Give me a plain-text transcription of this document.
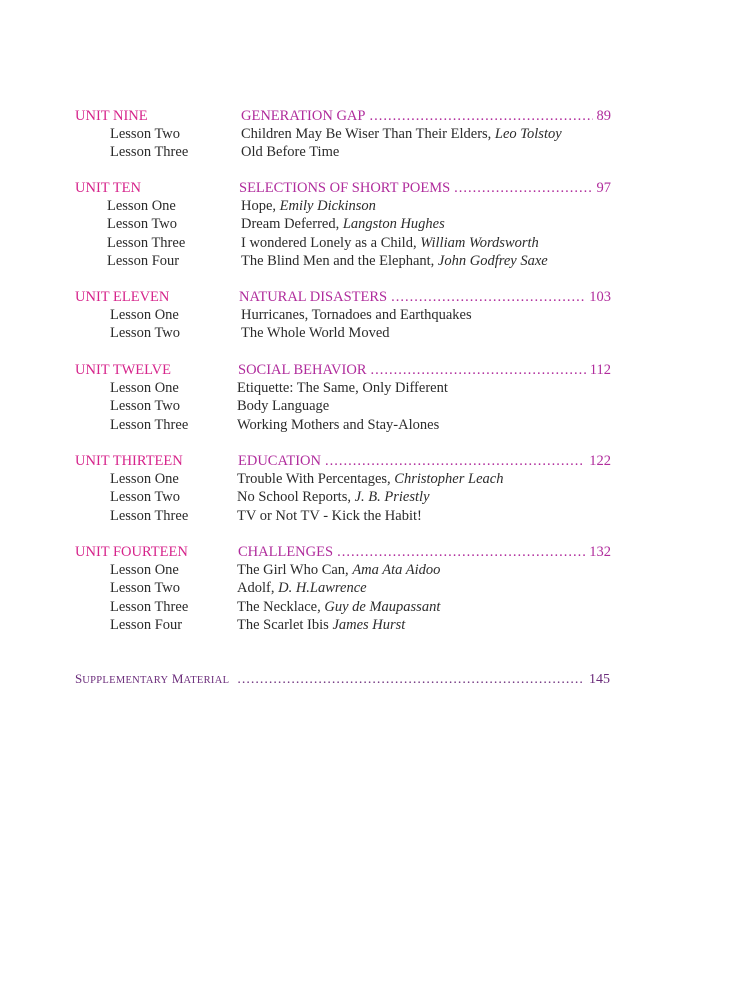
UNIT NINE	GENERATION GAP .....	89
Lesson Two	Children May Be Wiser Than Their Elders, Leo Tolstoy
Lesson Three	Old Before Time
UNIT TEN	SELECTIONS OF SHORT POEMS .....	97
Lesson One	Hope, Emily Dickinson
Lesson Two	Dream Deferred, Langston Hughes
Lesson Three	I wondered Lonely as a Child, William Wordsworth
Lesson Four	The Blind Men and the Elephant, John Godfrey Saxe
UNIT ELEVEN	NATURAL DISASTERS .....	103
Lesson One	Hurricanes, Tornadoes and Earthquakes
Lesson Two	The Whole World Moved
UNIT TWELVE	SOCIAL BEHAVIOR .....	112
Lesson One	Etiquette: The Same, Only Different
Lesson Two	Body Language
Lesson Three	Working Mothers and Stay-Alones
UNIT THIRTEEN	EDUCATION .....	122
Lesson One	Trouble With Percentages, Christopher Leach
Lesson Two	No School Reports, J. B. Priestly
Lesson Three	TV or Not TV - Kick the Habit!
UNIT FOURTEEN	CHALLENGES .....	132
Lesson One	The Girl Who Can, Ama Ata Aidoo
Lesson Two	Adolf, D. H.Lawrence
Lesson Three	The Necklace, Guy de Maupassant
Lesson Four	The Scarlet Ibis James Hurst
SUPPLEMENTARY MATERIAL .....	145
